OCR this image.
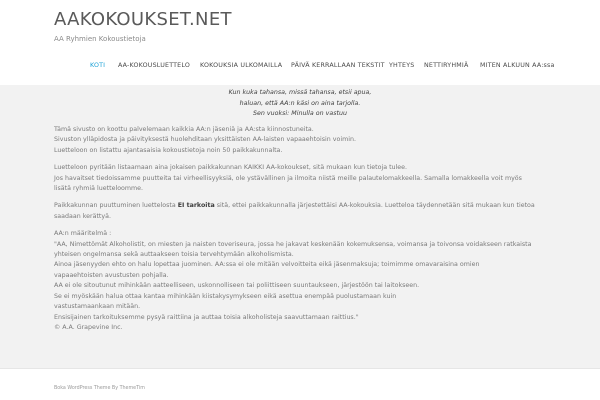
AAKOKOUKSET.NET
AA Ryhmien Kokoustietoja
KOTI AA-KOKOUSLUETTELO KOKOUKSIA ULKOMAILLA PÄIVÄ KERRALLAAN TEKSTIT YHTEYS NETTIRYHMIÄ MITEN ALKUUN AA:ssa
Kun kuka tahansa, missä tahansa, etsii apua,
haluan, että AA:n käsi on aina tarjolla.
Sen vuoksi: Minulla on vastuu
Tämä sivusto on koottu palvelemaan kaikkia AA:n jäseniä ja AA:sta kiinnostuneita.
Sivuston ylläpidosta ja päivityksestä huolehditaan yksittäisten AA-laisten vapaaehtoisin voimin.
Luetteloon on listattu ajantasaisia kokoustietoja noin 50 paikkakunnalta.
Luetteloon pyritään listaamaan aina jokaisen paikkakunnan KAIKKI AA-kokoukset, sitä mukaan kun tietoja tulee.
Jos havaitset tiedoissamme puutteita tai virheellisyyksiä, ole ystävällinen ja ilmoita niistä meille palautelomakkeella. Samalla lomakkeella voit myös
lisätä ryhmiä luetteloomme.
Paikkakunnan puuttuminen luettelosta EI tarkoita sitä, ettei paikkakunnalla järjestettäisi AA-kokouksia. Luetteloa täydennetään sitä mukaan kun tietoa
saadaan kerättyä.
AA:n määritelmä :
"AA, Nimettömät Alkoholistit, on miesten ja naisten toveriseura, jossa he jakavat keskenään kokemuksensa, voimansa ja toivonsa voidakseen ratkaista
yhteisen ongelmansa sekä auttaakseen toisia tervehtymään alkoholismista.
Ainoa jäsenyyden ehto on halu lopettaa juominen. AA:ssa ei ole mitään velvoitteita eikä jäsenmaksuja; toimimme omavaraisina omien
vapaaehtoisten avustusten pohjalla.
AA ei ole sitoutunut mihinkään aatteelliseen, uskonnolliseen tai poliittiseen suuntaukseen, järjestöön tai laitokseen.
Se ei myöskään halua ottaa kantaa mihinkään kiistakysymykseen eikä asettua enempää puolustamaan kuin
vastustamaankaan mitään.
Ensisijainen tarkoituksemme pysyä raittiina ja auttaa toisia alkoholisteja saavuttamaan raittius."
© A.A. Grapevine Inc.
Boka WordPress Theme By ThemeTim
